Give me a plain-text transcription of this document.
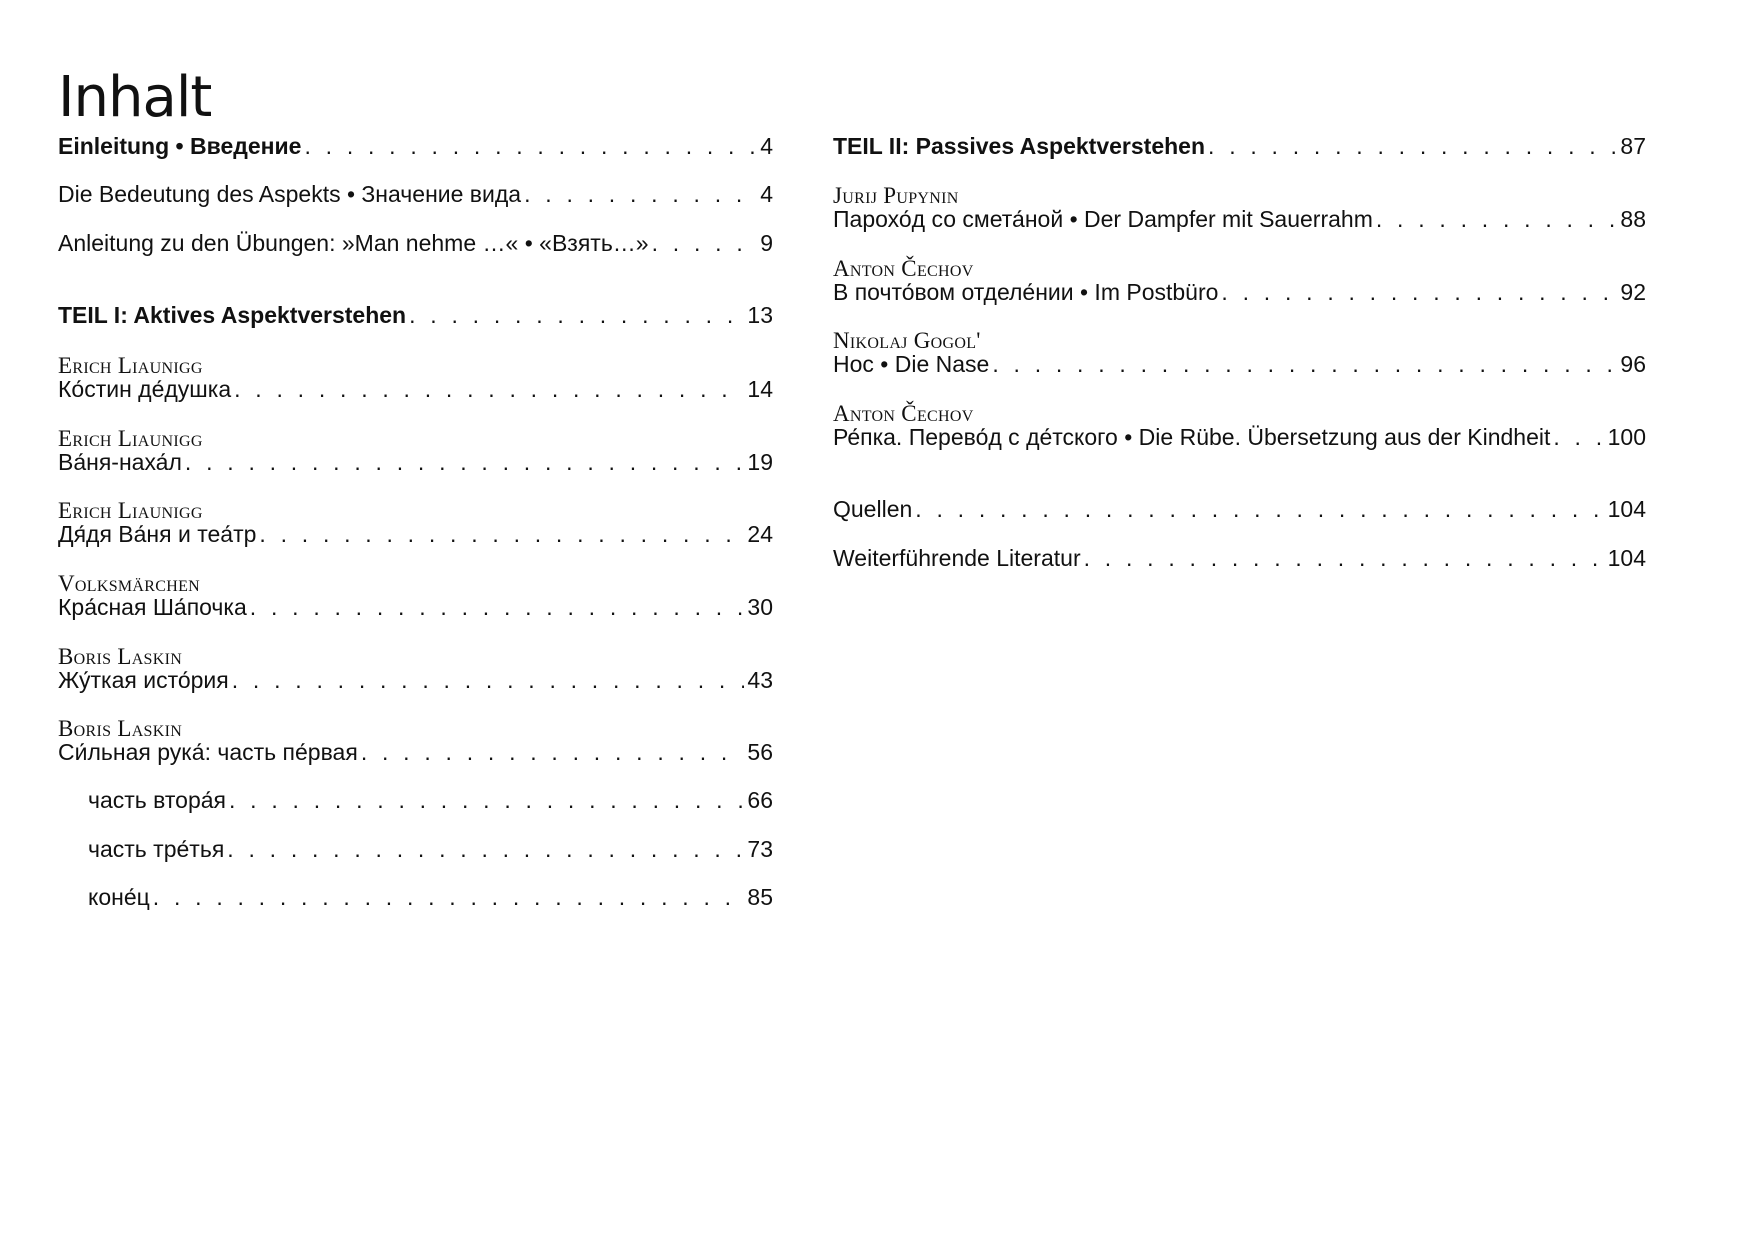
Inhalt
Einleitung • Введение . . .	4
Die Bedeutung des Aspekts • Значение вида . . .	4
Anleitung zu den Übungen: »Man nehme …« • «Взять…» . . .	9
TEIL I: Aktives Aspektverstehen . . .	13
Erich Liaunigg
Ко́стин де́душка . . .	14
Erich Liaunigg
Ва́ня-наха́л . . .	19
Erich Liaunigg
Дя́дя Ва́ня и теа́тр . . .	24
Volksmärchen
Кра́сная Ша́почка . . .	30
Boris Laskin
Жу́ткая исто́рия . . .	43
Boris Laskin
Си́льная рука́: часть пе́рвая . . .	56
часть втора́я . . .	66
часть тре́тья . . .	73
коне́ц . . .	85
TEIL II: Passives Aspektverstehen . . .	87
Jurij Pupynin
Парохо́д со смета́ной • Der Dampfer mit Sauerrahm . . .	88
Anton Čechov
В почто́вом отделе́нии • Im Postbüro . . .	92
Nikolaj Gogol'
Нос • Die Nase . . .	96
Anton Čechov
Ре́пка. Перево́д с де́тского • Die Rübe. Übersetzung aus der Kindheit . . . 100
Quellen . . .	104
Weiterführende Literatur . . .	104
